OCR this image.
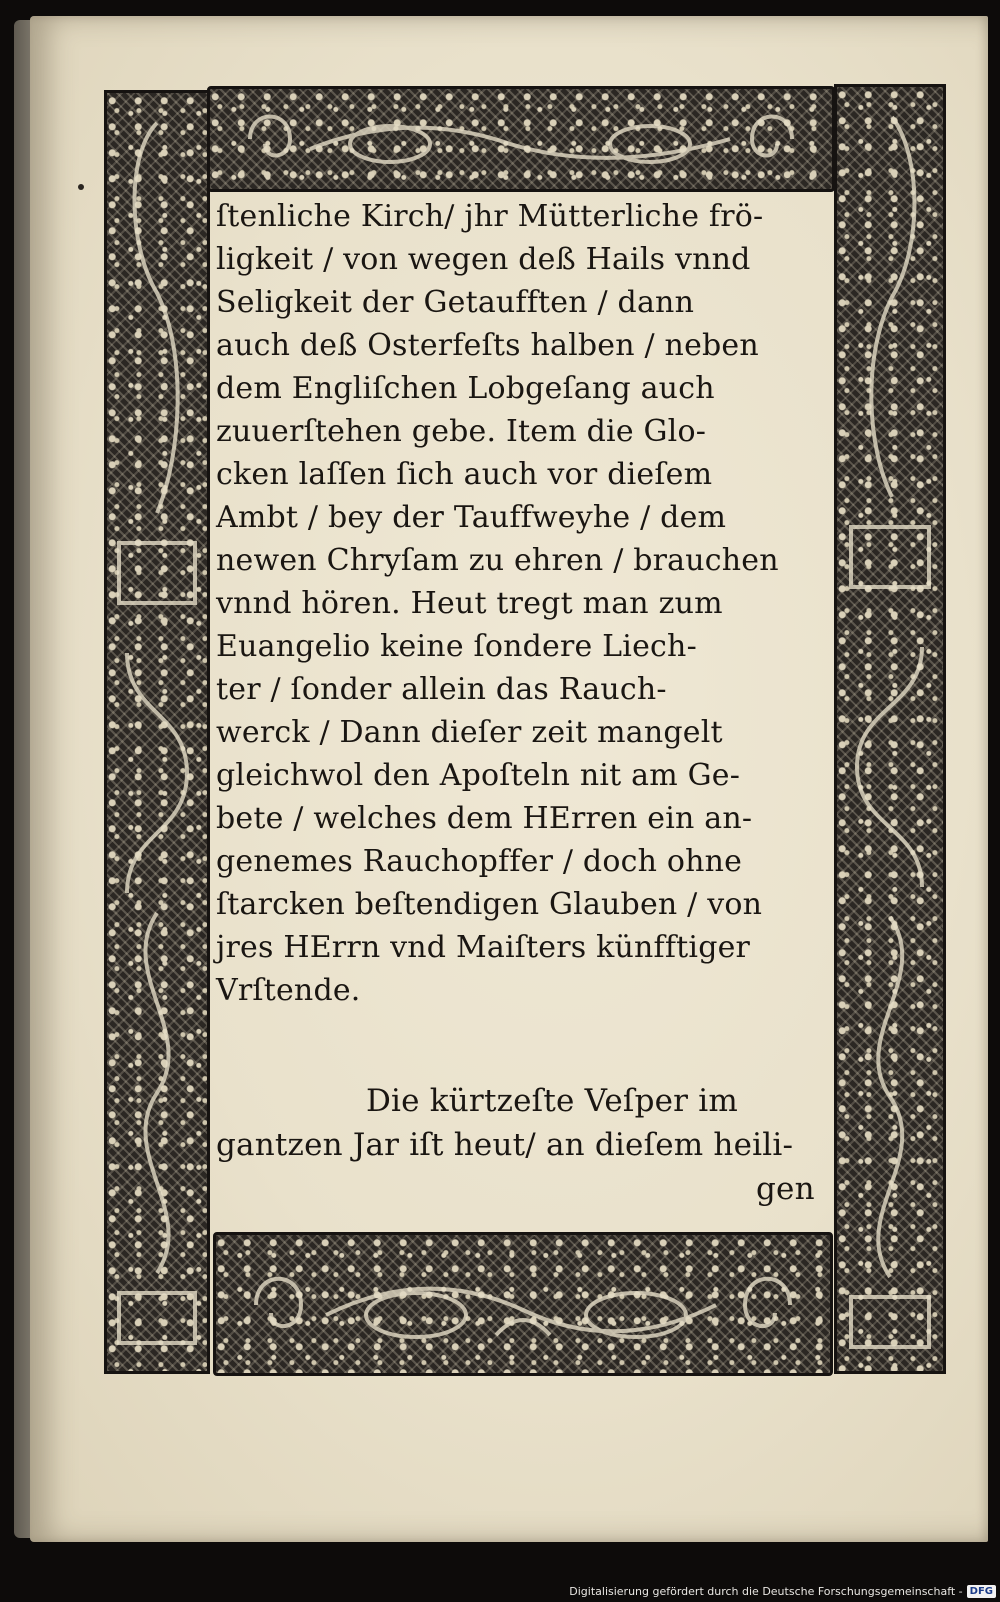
ſtenliche Kirch/ jhr Mütterliche frö-
ligkeit / von wegen deß Hails vnnd
Seligkeit der Getaufften / dann
auch deß Osterfeſts halben / neben
dem Engliſchen Lobgeſang auch
zuuerſtehen gebe. Item die Glo-
cken laſſen ſich auch vor dieſem
Ambt / bey der Tauffweyhe / dem
newen Chryſam zu ehren / brauchen
vnnd hören. Heut tregt man zum
Euangelio keine ſondere Liech-
ter / ſonder allein das Rauch-
werck / Dann dieſer zeit mangelt
gleichwol den Apoſteln nit am Ge-
bete / welches dem HErren ein an-
genemes Rauchopffer / doch ohne
ſtarcken beſtendigen Glauben / von
jres HErrn vnd Maiſters künfftiger
Vrſtende.
Die kürtzeſte Veſper im
gantzen Jar iſt heut/ an dieſem heili-
gen
Digitalisierung gefördert durch die Deutsche Forschungsgemeinschaft - DFG
